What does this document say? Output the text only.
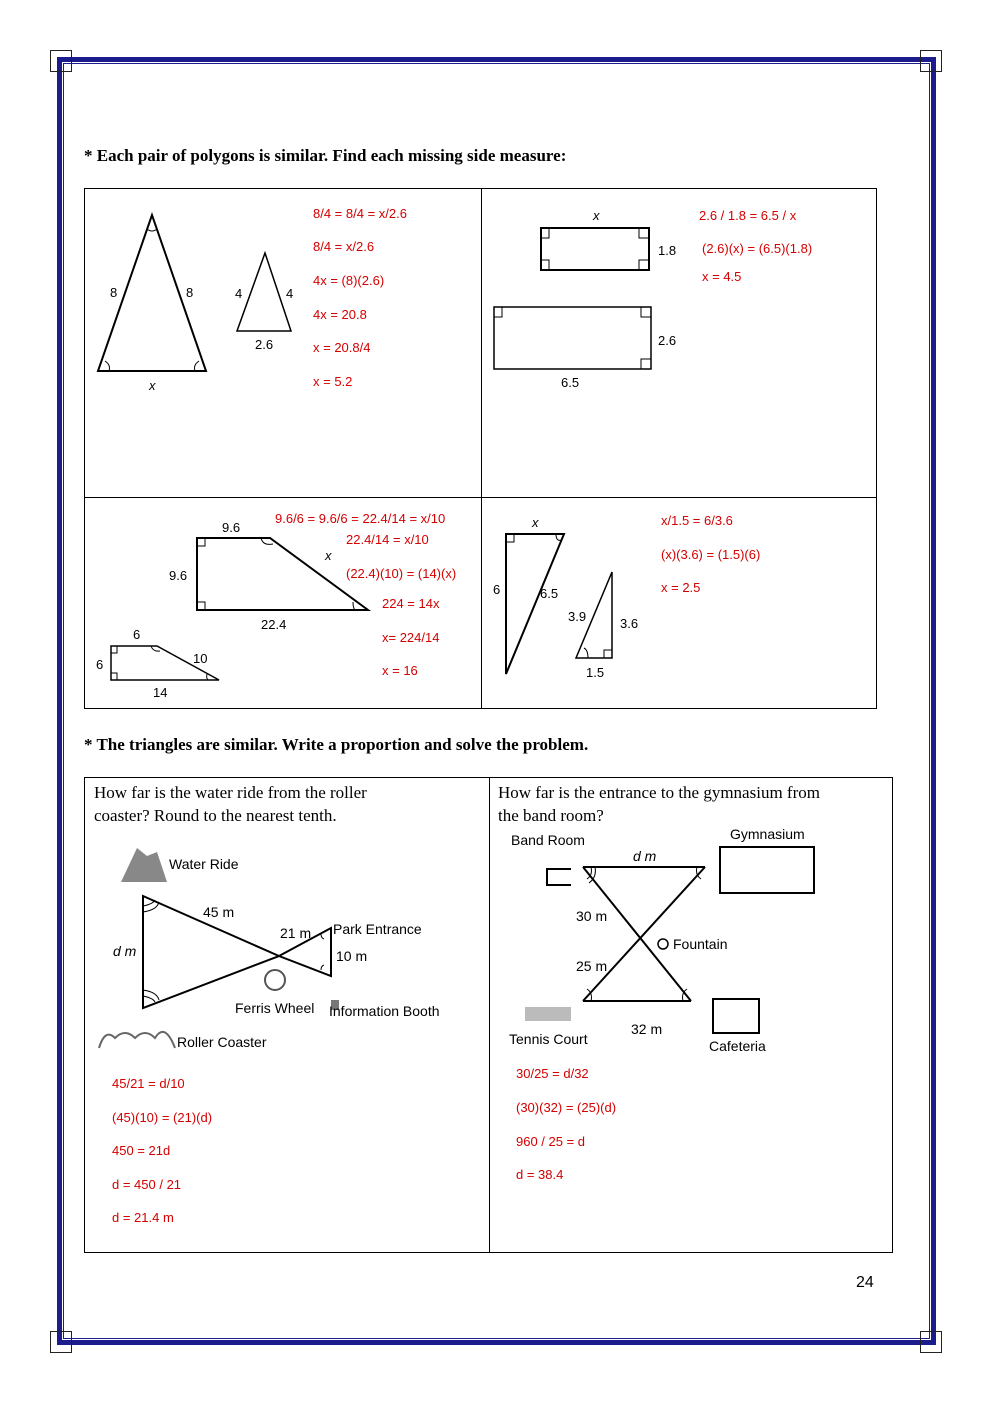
* Each pair of polygons is similar. Find each missing side measure:

8	8
x
4	4
2.6

8/4 = 8/4 = x/2.6

8/4 = x/2.6

4x = (8)(2.6)

4x = 20.8

x = 20.8/4

x = 5.2

x
1.8
2.6
6.5

2.6 / 1.8 = 6.5 / x

(2.6)(x) = (6.5)(1.8)

x = 4.5

9.6
9.6
x
22.4
6
6	10
14

9.6/6 = 9.6/6 = 22.4/14 = x/10

22.4/14 = x/10

(22.4)(10) = (14)(x)

224 = 14x

x= 224/14

x = 16

x
6	6.5
3.9	3.6
1.5

x/1.5 = 6/3.6

(x)(3.6) = (1.5)(6)

x = 2.5

* The triangles are similar. Write a proportion and solve the problem.

How far is the water ride from the roller

coaster? Round to the nearest tenth.

Water Ride
45 m
21 m Park Entrance
10 m
d m
Ferris Wheel Information Booth
Roller Coaster

45/21 = d/10

(45)(10) = (21)(d)

450 = 21d

d = 450 / 21

d = 21.4 m

How far is the entrance to the gymnasium from

the band room?

Band Room	Gymnasium
d m
30 m
Fountain
25 m
Tennis Court
32 m
Cafeteria

30/25 = d/32

(30)(32) = (25)(d)

960 / 25 = d

d = 38.4

24
